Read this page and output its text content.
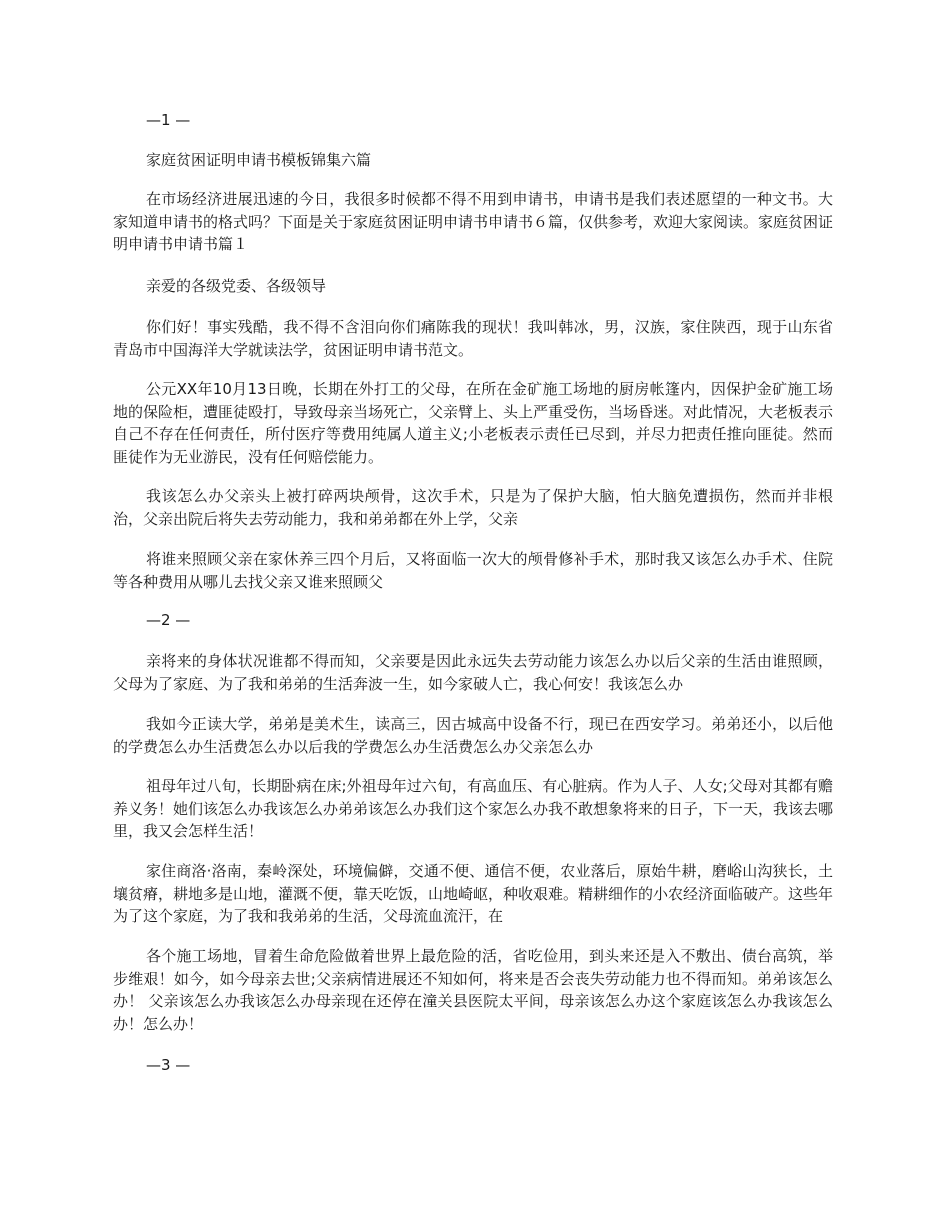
—1 —

家庭贫困证明申请书模板锦集六篇

在市场经济进展迅速的今日，我很多时候都不得不用到申请书，申请书是我们表述愿望的一种文书。大家知道申请书的格式吗？下面是关于家庭贫困证明申请书申请书６篇，仅供参考，欢迎大家阅读。家庭贫困证明申请书申请书篇１

亲爱的各级党委、各级领导

你们好！事实残酷，我不得不含泪向你们痛陈我的现状！我叫韩冰，男，汉族，家住陕西，现于山东省青岛市中国海洋大学就读法学，贫困证明申请书范文。

公元XX年10月13日晚，长期在外打工的父母，在所在金矿施工场地的厨房帐篷内，因保护金矿施工场地的保险柜，遭匪徒殴打，导致母亲当场死亡，父亲臂上、头上严重受伤，当场昏迷。对此情况，大老板表示自己不存在任何责任，所付医疗等费用纯属人道主义;小老板表示责任已尽到，并尽力把责任推向匪徒。然而匪徒作为无业游民，没有任何赔偿能力。

我该怎么办父亲头上被打碎两块颅骨，这次手术，只是为了保护大脑，怕大脑免遭损伤，然而并非根治，父亲出院后将失去劳动能力，我和弟弟都在外上学，父亲

将谁来照顾父亲在家休养三四个月后，又将面临一次大的颅骨修补手术，那时我又该怎么办手术、住院等各种费用从哪儿去找父亲又谁来照顾父

—2 —

亲将来的身体状况谁都不得而知，父亲要是因此永远失去劳动能力该怎么办以后父亲的生活由谁照顾，父母为了家庭、为了我和弟弟的生活奔波一生，如今家破人亡，我心何安！我该怎么办

我如今正读大学，弟弟是美术生，读高三，因古城高中设备不行，现已在西安学习。弟弟还小，以后他的学费怎么办生活费怎么办以后我的学费怎么办生活费怎么办父亲怎么办

祖母年过八旬，长期卧病在床;外祖母年过六旬，有高血压、有心脏病。作为人子、人女;父母对其都有赡养义务！她们该怎么办我该怎么办弟弟该怎么办我们这个家怎么办我不敢想象将来的日子，下一天，我该去哪里，我又会怎样生活！

家住商洛·洛南，秦岭深处，环境偏僻，交通不便、通信不便，农业落后，原始牛耕，磨峪山沟狭长，土壤贫瘠，耕地多是山地，灌溉不便，靠天吃饭，山地崎岖，种收艰难。精耕细作的小农经济面临破产。这些年为了这个家庭，为了我和我弟弟的生活，父母流血流汗，在

各个施工场地，冒着生命危险做着世界上最危险的活，省吃俭用，到头来还是入不敷出、债台高筑，举步维艰！如今，如今母亲去世;父亲病情进展还不知如何，将来是否会丧失劳动能力也不得而知。弟弟该怎么办！ 父亲该怎么办我该怎么办母亲现在还停在潼关县医院太平间，母亲该怎么办这个家庭该怎么办我该怎么办！怎么办！

—3 —
